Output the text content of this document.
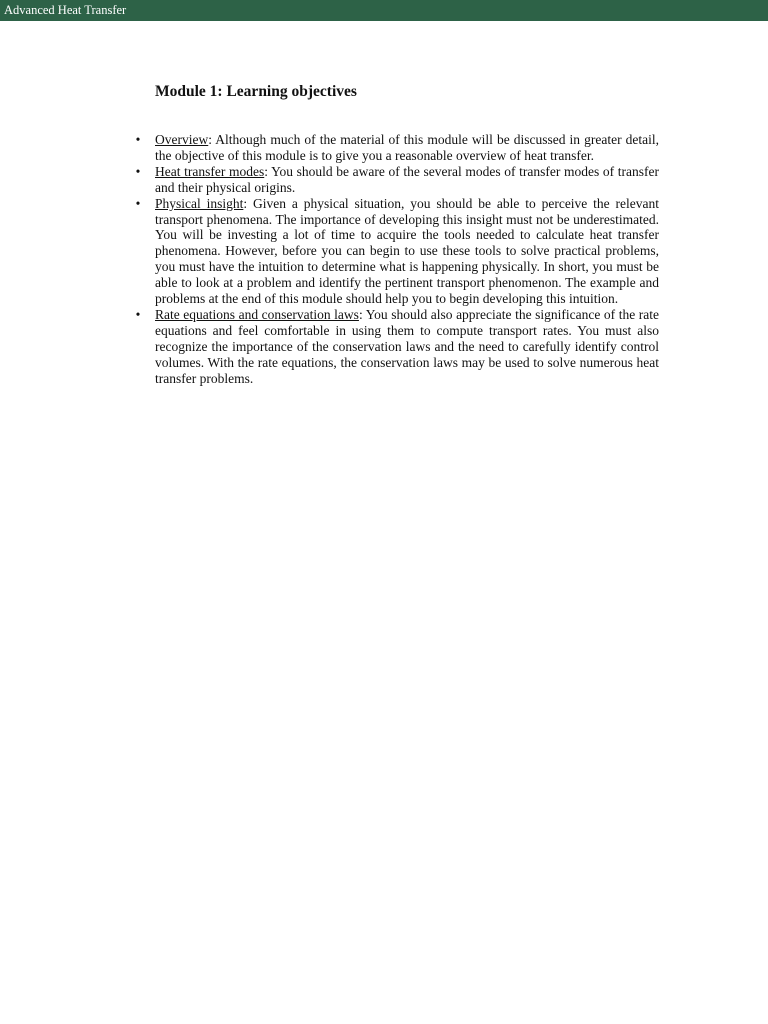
Advanced Heat Transfer
Module 1: Learning objectives
• Overview: Although much of the material of this module will be discussed in greater detail, the objective of this module is to give you a reasonable overview of heat transfer.
• Heat transfer modes: You should be aware of the several modes of transfer modes of transfer and their physical origins.
• Physical insight: Given a physical situation, you should be able to perceive the relevant transport phenomena. The importance of developing this insight must not be underestimated. You will be investing a lot of time to acquire the tools needed to calculate heat transfer phenomena. However, before you can begin to use these tools to solve practical problems, you must have the intuition to determine what is happening physically. In short, you must be able to look at a problem and identify the pertinent transport phenomenon. The example and problems at the end of this module should help you to begin developing this intuition.
• Rate equations and conservation laws: You should also appreciate the significance of the rate equations and feel comfortable in using them to compute transport rates. You must also recognize the importance of the conservation laws and the need to carefully identify control volumes. With the rate equations, the conservation laws may be used to solve numerous heat transfer problems.
